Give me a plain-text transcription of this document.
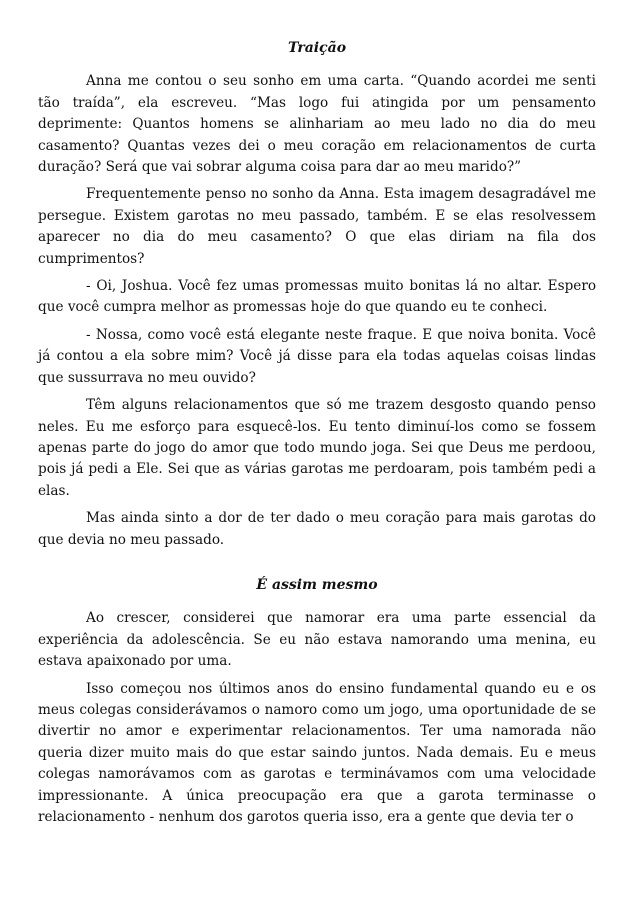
Traição

Anna me contou o seu sonho em uma carta. “Quando acordei me senti tão traída”, ela escreveu. “Mas logo fui atingida por um pensamento deprimente: Quantos homens se alinhariam ao meu lado no dia do meu casamento? Quantas vezes dei o meu coração em relacionamentos de curta duração? Será que vai sobrar alguma coisa para dar ao meu marido?”

Frequentemente penso no sonho da Anna. Esta imagem desagradável me persegue. Existem garotas no meu passado, também. E se elas resolvessem aparecer no dia do meu casamento? O que elas diriam na fila dos cumprimentos?

- Oi, Joshua. Você fez umas promessas muito bonitas lá no altar. Espero que você cumpra melhor as promessas hoje do que quando eu te conheci.

- Nossa, como você está elegante neste fraque. E que noiva bonita. Você já contou a ela sobre mim? Você já disse para ela todas aquelas coisas lindas que sussurrava no meu ouvido?

Têm alguns relacionamentos que só me trazem desgosto quando penso neles. Eu me esforço para esquecê-los. Eu tento diminuí-los como se fossem apenas parte do jogo do amor que todo mundo joga. Sei que Deus me perdoou, pois já pedi a Ele. Sei que as várias garotas me perdoaram, pois também pedi a elas.

Mas ainda sinto a dor de ter dado o meu coração para mais garotas do que devia no meu passado.

É assim mesmo

Ao crescer, considerei que namorar era uma parte essencial da experiência da adolescência. Se eu não estava namorando uma menina, eu estava apaixonado por uma.

Isso começou nos últimos anos do ensino fundamental quando eu e os meus colegas considerávamos o namoro como um jogo, uma oportunidade de se divertir no amor e experimentar relacionamentos. Ter uma namorada não queria dizer muito mais do que estar saindo juntos. Nada demais. Eu e meus colegas namorávamos com as garotas e terminávamos com uma velocidade impressionante. A única preocupação era que a garota terminasse o relacionamento - nenhum dos garotos queria isso, era a gente que devia ter o
